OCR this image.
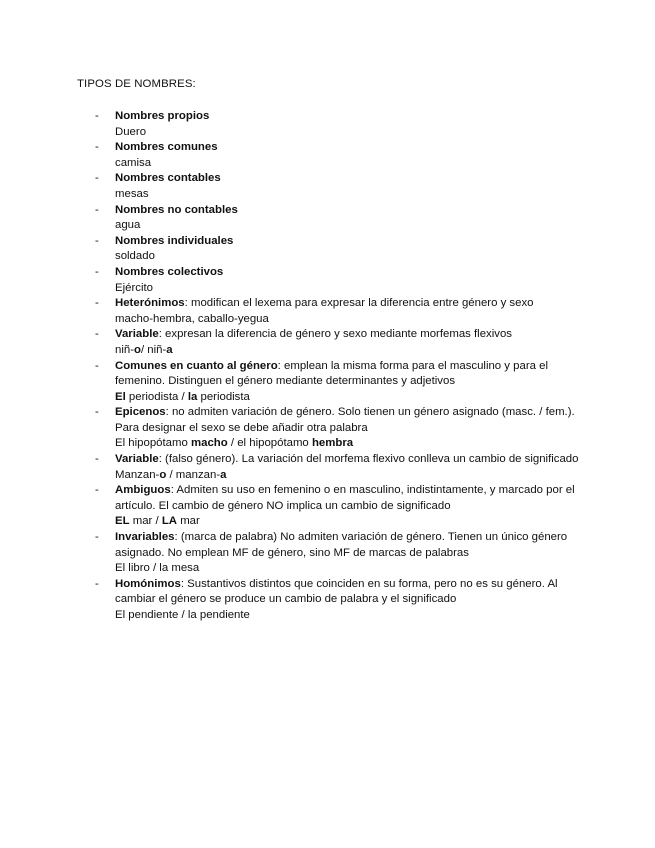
TIPOS DE NOMBRES:
-	Nombres propios
Duero
-	Nombres comunes
camisa
-	Nombres contables
mesas
-	Nombres no contables
agua
-	Nombres individuales
soldado
-	Nombres colectivos
Ejército
-	Heterónimos: modifican el lexema para expresar la diferencia entre género y sexo
macho-hembra, caballo-yegua
-	Variable: expresan la diferencia de género y sexo mediante morfemas flexivos
niñ-o/ niñ-a
-	Comunes en cuanto al género: emplean la misma forma para el masculino y para el femenino. Distinguen el género mediante determinantes y adjetivos
El periodista / la periodista
-	Epicenos: no admiten variación de género. Solo tienen un género asignado (masc. / fem.). Para designar el sexo se debe añadir otra palabra
El hipopótamo macho / el hipopótamo hembra
-	Variable: (falso género). La variación del morfema flexivo conlleva un cambio de significado
Manzan-o / manzan-a
-	Ambiguos: Admiten su uso en femenino o en masculino, indistintamente, y marcado por el artículo. El cambio de género NO implica un cambio de significado
EL mar / LA mar
-	Invariables: (marca de palabra) No admiten variación de género. Tienen un único género asignado. No emplean MF de género, sino MF de marcas de palabras
El libro / la mesa
-	Homónimos: Sustantivos distintos que coinciden en su forma, pero no es su género. Al cambiar el género se produce un cambio de palabra y el significado
El pendiente / la pendiente
